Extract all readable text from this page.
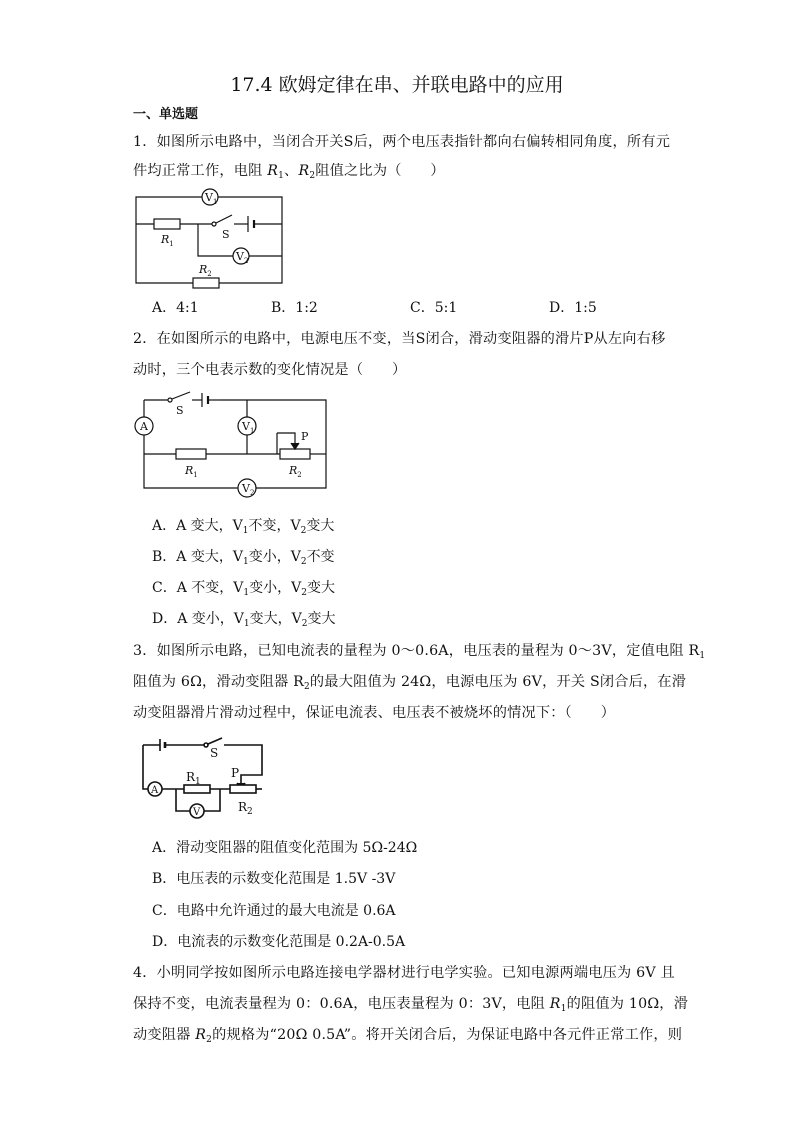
17.4 欧姆定律在串、并联电路中的应用
一、单选题
1．如图所示电路中，当闭合开关S后，两个电压表指针都向右偏转相同角度，所有元
件均正常工作，电阻 $R_1$、$R_2$阻值之比为（　　）
$V_1$
$V_2$
S
$R_1$
$R_2$
A．4:1	B．1:2	C．5:1	D．1:5
2．在如图所示的电路中，电源电压不变，当S闭合，滑动变阻器的滑片P从左向右移
动时，三个电表示数的变化情况是（　　）
A
S
$V_1$
$V_2$
P
$R_1$	$R_2$
A．A 变大，$V_1$不变，$V_2$变大
B．A 变大，$V_1$变小，$V_2$不变
C．A 不变，$V_1$变小，$V_2$变大
D．A 变小，$V_1$变大，$V_2$变大
3．如图所示电路，已知电流表的量程为 0～0.6A，电压表的量程为 0～3V，定值电阻 $R_1$
阻值为 6Ω，滑动变阻器 $R_2$的最大阻值为 24Ω，电源电压为 6V，开关 S闭合后，在滑
动变阻器滑片滑动过程中，保证电流表、电压表不被烧坏的情况下：（　　）
S
$R_1$
P
A
V	$R_2$
A．滑动变阻器的阻值变化范围为 5Ω-24Ω
B．电压表的示数变化范围是 1.5V -3V
C．电路中允许通过的最大电流是 0.6A
D．电流表的示数变化范围是 0.2A-0.5A
4．小明同学按如图所示电路连接电学器材进行电学实验。已知电源两端电压为 6V 且
保持不变，电流表量程为 0：0.6A，电压表量程为 0：3V，电阻 $R_1$的阻值为 10Ω，滑
动变阻器 $R_2$的规格为“20Ω 0.5A”。将开关闭合后，为保证电路中各元件正常工作，则
